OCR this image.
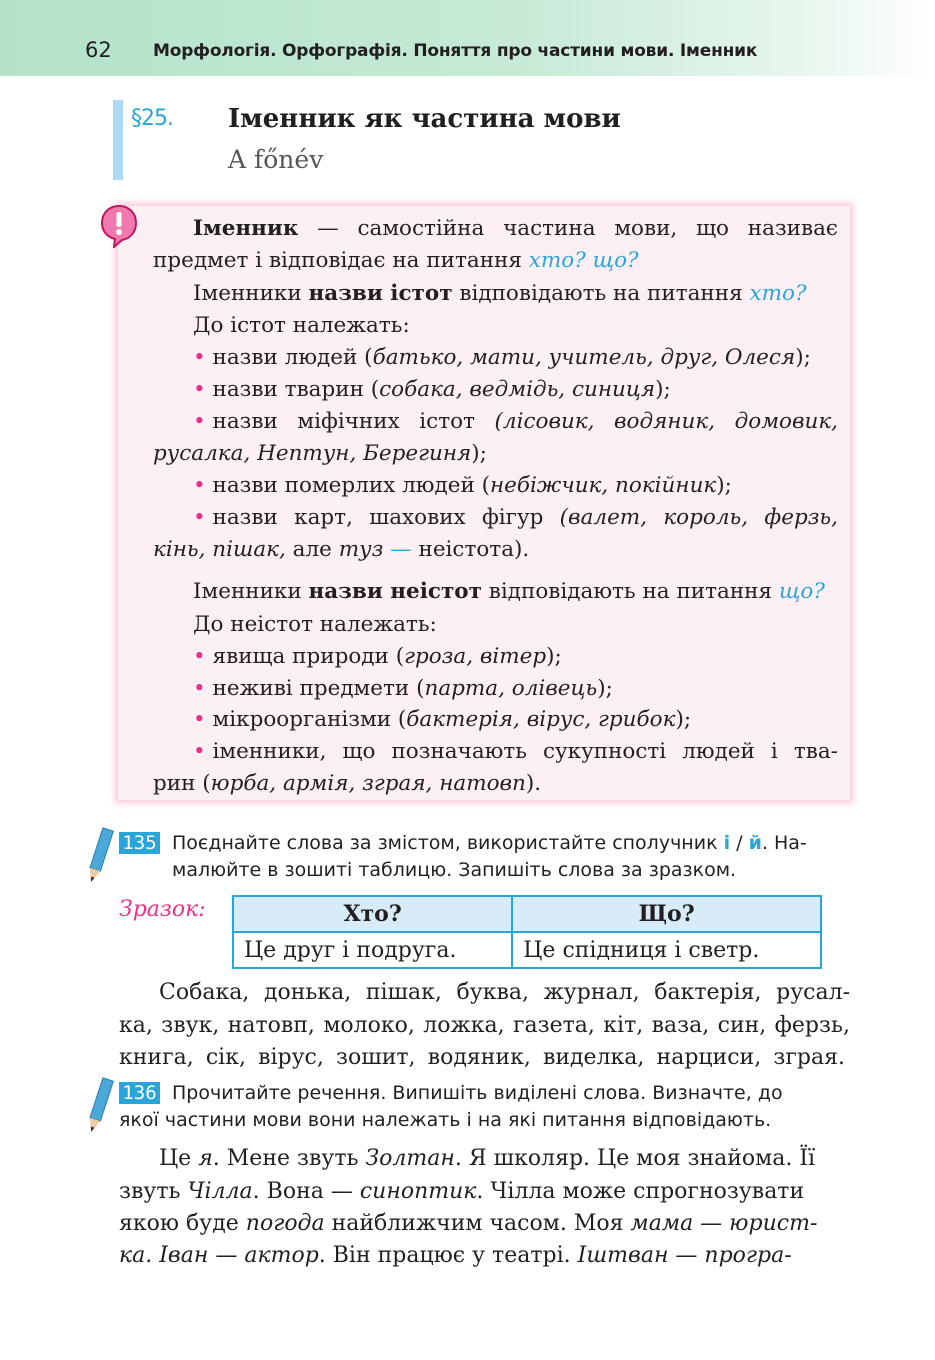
62 Морфологія. Орфографія. Поняття про частини мови. Іменник
§25. Іменник як частина мови
A főnév
Іменник — самостійна частина мови, що називає
предмет і відповідає на питання хто? що?
Іменники назви істот відповідають на питання хто?
До істот належать:
• назви людей (батько, мати, учитель, друг, Олеся);
• назви тварин (собака, ведмідь, синиця);
• назви міфічних істот (лісовик, водяник, домовик,
русалка, Нептун, Берегиня);
• назви померлих людей (небіжчик, покійник);
• назви карт, шахових фігур (валет, король, ферзь,
кінь, пішак, але туз — неістота).
Іменники назви неістот відповідають на питання що?
До неістот належать:
• явища природи (гроза, вітер);
• неживі предмети (парта, олівець);
• мікроорганізми (бактерія, вірус, грибок);
• іменники, що позначають сукупності людей і тва-
рин (юрба, армія, зграя, натовп).
135 Поєднайте словa за змістом, використайте сполучник і / й. На-
малюйте в зошиті таблицю. Запишіть слова за зразком.
Зразок:	Хто?	Що?
Це друг і подруга.	Це спідниця і светр.
Собака, донька, пішак, буква, журнал, бактерія, русал-
ка, звук, натовп, молоко, ложка, газета, кіт, ваза, син, ферзь,
книга, сік, вірус, зошит, водяник, виделка, нарциси, зграя.
136 Прочитайте речення. Випишіть виділені слова. Визначте, до
якої частини мови вони належать і на які питання відповідають.
Це я. Мене звуть Золтан. Я школяр. Це моя знайома. Її
звуть Чілла. Вона — синоптик. Чілла може спрогнозувати
якою буде погода найближчим часом. Моя мама — юрист-
ка. Іван — актор. Він працює у театрі. Іштван — програ-
